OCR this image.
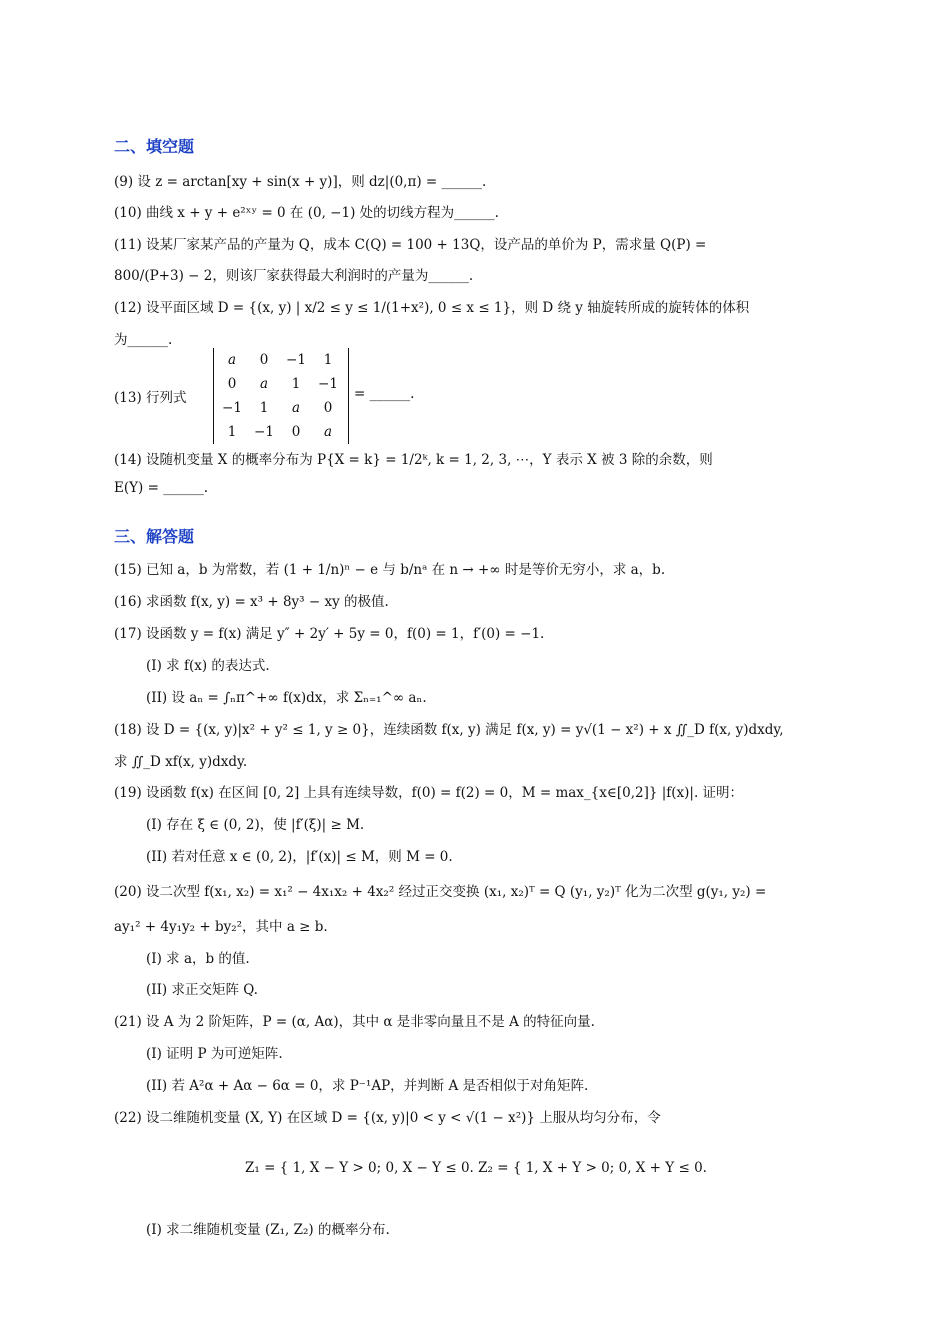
二、填空题
(9) 设 z = arctan[xy + sin(x + y)]，则 dz|(0,π) = ______.
(10) 曲线 x + y + e²ˣʸ = 0 在 (0, −1) 处的切线方程为______.
(11) 设某厂家某产品的产量为 Q，成本 C(Q) = 100 + 13Q，设产品的单价为 P，需求量 Q(P) =
800/(P+3) − 2，则该厂家获得最大利润时的产量为______.
(12) 设平面区域 D = {(x, y) | x/2 ≤ y ≤ 1/(1+x²), 0 ≤ x ≤ 1}，则 D 绕 y 轴旋转所成的旋转体的体积
为______.
(13) 行列式
a	0	−1	1
0	a	1	−1
−1	1	a	0
1	−1	0	a
= ______.
(14) 设随机变量 X 的概率分布为 P{X = k} = 1/2ᵏ, k = 1, 2, 3, ⋯，Y 表示 X 被 3 除的余数，则
E(Y) = ______.
三、解答题
(15) 已知 a，b 为常数，若 (1 + 1/n)ⁿ − e 与 b/nᵃ 在 n → +∞ 时是等价无穷小，求 a，b.
(16) 求函数 f(x, y) = x³ + 8y³ − xy 的极值.
(17) 设函数 y = f(x) 满足 y″ + 2y′ + 5y = 0，f(0) = 1，f′(0) = −1.
(I) 求 f(x) 的表达式.
(II) 设 aₙ = ∫ₙπ^+∞ f(x)dx，求 Σₙ₌₁^∞ aₙ.
(18) 设 D = {(x, y)|x² + y² ≤ 1, y ≥ 0}，连续函数 f(x, y) 满足 f(x, y) = y√(1 − x²) + x ∬_D f(x, y)dxdy,
求 ∬_D xf(x, y)dxdy.
(19) 设函数 f(x) 在区间 [0, 2] 上具有连续导数，f(0) = f(2) = 0，M = max_{x∈[0,2]} |f(x)|. 证明：
(I) 存在 ξ ∈ (0, 2)，使 |f′(ξ)| ≥ M.
(II) 若对任意 x ∈ (0, 2)，|f′(x)| ≤ M，则 M = 0.
(20) 设二次型 f(x₁, x₂) = x₁² − 4x₁x₂ + 4x₂² 经过正交变换 (x₁, x₂)ᵀ = Q (y₁, y₂)ᵀ 化为二次型 g(y₁, y₂) =
ay₁² + 4y₁y₂ + by₂²，其中 a ≥ b.
(I) 求 a，b 的值.
(II) 求正交矩阵 Q.
(21) 设 A 为 2 阶矩阵，P = (α, Aα)，其中 α 是非零向量且不是 A 的特征向量.
(I) 证明 P 为可逆矩阵.
(II) 若 A²α + Aα − 6α = 0，求 P⁻¹AP，并判断 A 是否相似于对角矩阵.
(22) 设二维随机变量 (X, Y) 在区域 D = {(x, y)|0 < y < √(1 − x²)} 上服从均匀分布，令
Z₁ = { 1, X − Y > 0; 0, X − Y ≤ 0. Z₂ = { 1, X + Y > 0; 0, X + Y ≤ 0.
(I) 求二维随机变量 (Z₁, Z₂) 的概率分布.
